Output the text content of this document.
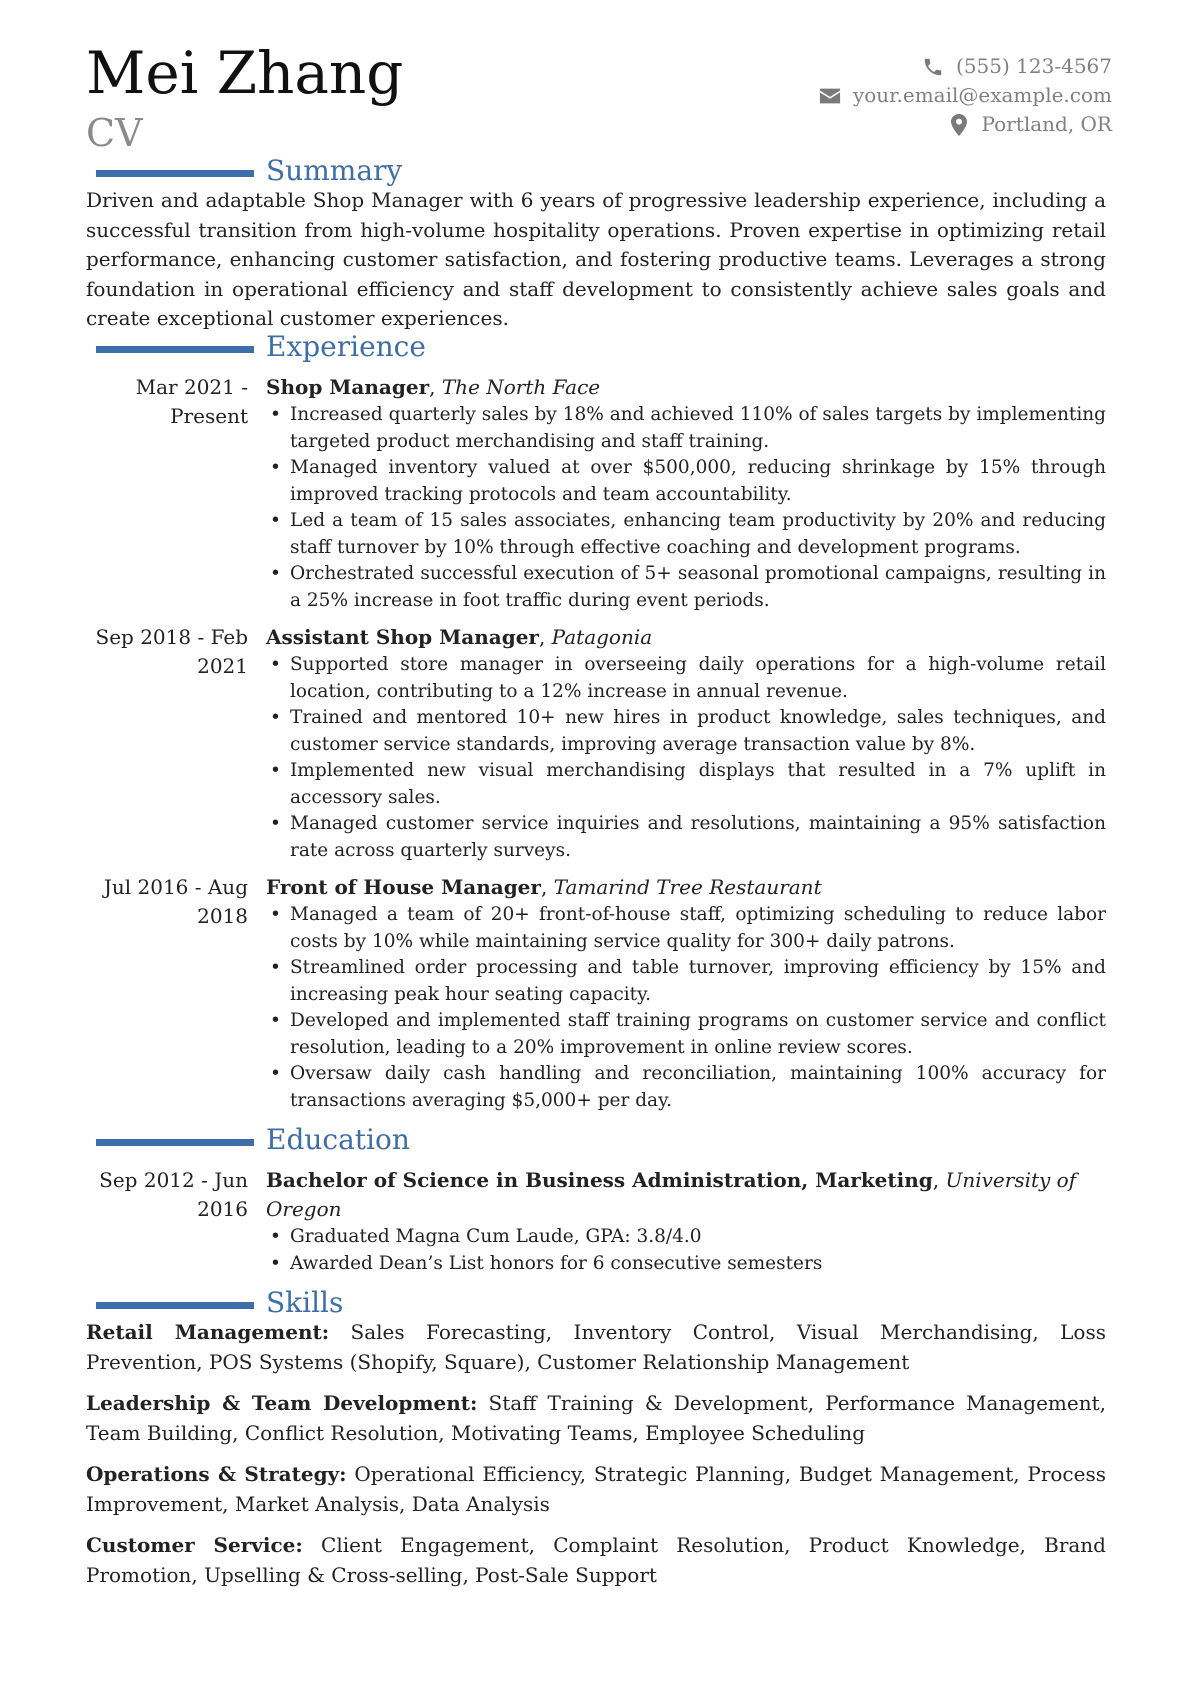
Mei Zhang
CV
(555) 123-4567
your.email@example.com
Portland, OR
Summary
Driven and adaptable Shop Manager with 6 years of progressive leadership experience, including a successful transition from high-volume hospitality operations. Proven expertise in optimizing retail performance, enhancing customer satisfaction, and fostering productive teams. Leverages a strong foundation in operational efficiency and staff development to consistently achieve sales goals and create exceptional customer experiences.
Experience
Mar 2021 - Present
Shop Manager, The North Face
• Increased quarterly sales by 18% and achieved 110% of sales targets by implementing targeted product merchandising and staff training.
• Managed inventory valued at over $500,000, reducing shrinkage by 15% through improved tracking protocols and team accountability.
• Led a team of 15 sales associates, enhancing team productivity by 20% and reducing staff turnover by 10% through effective coaching and development programs.
• Orchestrated successful execution of 5+ seasonal promotional campaigns, resulting in a 25% increase in foot traffic during event periods.
Sep 2018 - Feb 2021
Assistant Shop Manager, Patagonia
• Supported store manager in overseeing daily operations for a high-volume retail location, contributing to a 12% increase in annual revenue.
• Trained and mentored 10+ new hires in product knowledge, sales techniques, and customer service standards, improving average transaction value by 8%.
• Implemented new visual merchandising displays that resulted in a 7% uplift in accessory sales.
• Managed customer service inquiries and resolutions, maintaining a 95% satisfaction rate across quarterly surveys.
Jul 2016 - Aug 2018
Front of House Manager, Tamarind Tree Restaurant
• Managed a team of 20+ front-of-house staff, optimizing scheduling to reduce labor costs by 10% while maintaining service quality for 300+ daily patrons.
• Streamlined order processing and table turnover, improving efficiency by 15% and increasing peak hour seating capacity.
• Developed and implemented staff training programs on customer service and conflict resolution, leading to a 20% improvement in online review scores.
• Oversaw daily cash handling and reconciliation, maintaining 100% accuracy for transactions averaging $5,000+ per day.
Education
Sep 2012 - Jun 2016
Bachelor of Science in Business Administration, Marketing, University of Oregon
• Graduated Magna Cum Laude, GPA: 3.8/4.0
• Awarded Dean’s List honors for 6 consecutive semesters
Skills
Retail Management: Sales Forecasting, Inventory Control, Visual Merchandising, Loss Prevention, POS Systems (Shopify, Square), Customer Relationship Management
Leadership & Team Development: Staff Training & Development, Performance Management, Team Building, Conflict Resolution, Motivating Teams, Employee Scheduling
Operations & Strategy: Operational Efficiency, Strategic Planning, Budget Management, Process Improvement, Market Analysis, Data Analysis
Customer Service: Client Engagement, Complaint Resolution, Product Knowledge, Brand Promotion, Upselling & Cross-selling, Post-Sale Support
